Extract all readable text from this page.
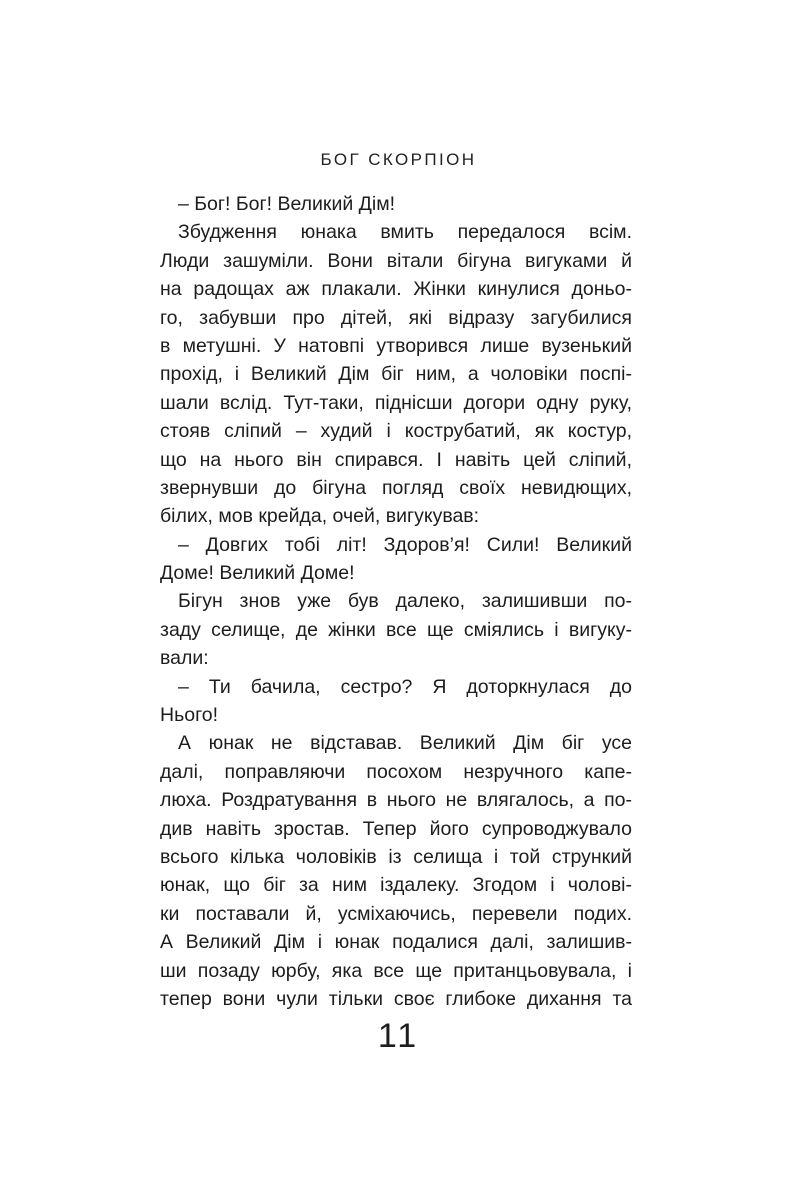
БОГ СКОРПІОН
– Бог! Бог! Великий Дім!
Збудження юнака вмить передалося всім.
Люди зашуміли. Вони вітали бігуна вигуками й
на радощах аж плакали. Жінки кинулися доньо-
го, забувши про дітей, які відразу загубилися
в метушні. У натовпі утворився лише вузенький
прохід, і Великий Дім біг ним, а чоловіки поспі-
шали вслід. Тут-таки, піднісши догори одну руку,
стояв сліпий – худий і кострубатий, як костур,
що на нього він спирався. І навіть цей сліпий,
звернувши до бігуна погляд своїх невидющих,
білих, мов крейда, очей, вигукував:
– Довгих тобі літ! Здоров’я! Сили! Великий
Доме! Великий Доме!
Бігун знов уже був далеко, залишивши по-
заду селище, де жінки все ще сміялись і вигуку-
вали:
– Ти бачила, сестро? Я доторкнулася до
Нього!
А юнак не відставав. Великий Дім біг усе
далі, поправляючи посохом незручного капе-
люха. Роздратування в нього не влягалось, а по-
див навіть зростав. Тепер його супроводжувало
всього кілька чоловіків із селища і той стрункий
юнак, що біг за ним іздалеку. Згодом і чолові-
ки поставали й, усміхаючись, перевели подих.
А Великий Дім і юнак подалися далі, залишив-
ши позаду юрбу, яка все ще пританцьовувала, і
тепер вони чули тільки своє глибоке дихання та
11
